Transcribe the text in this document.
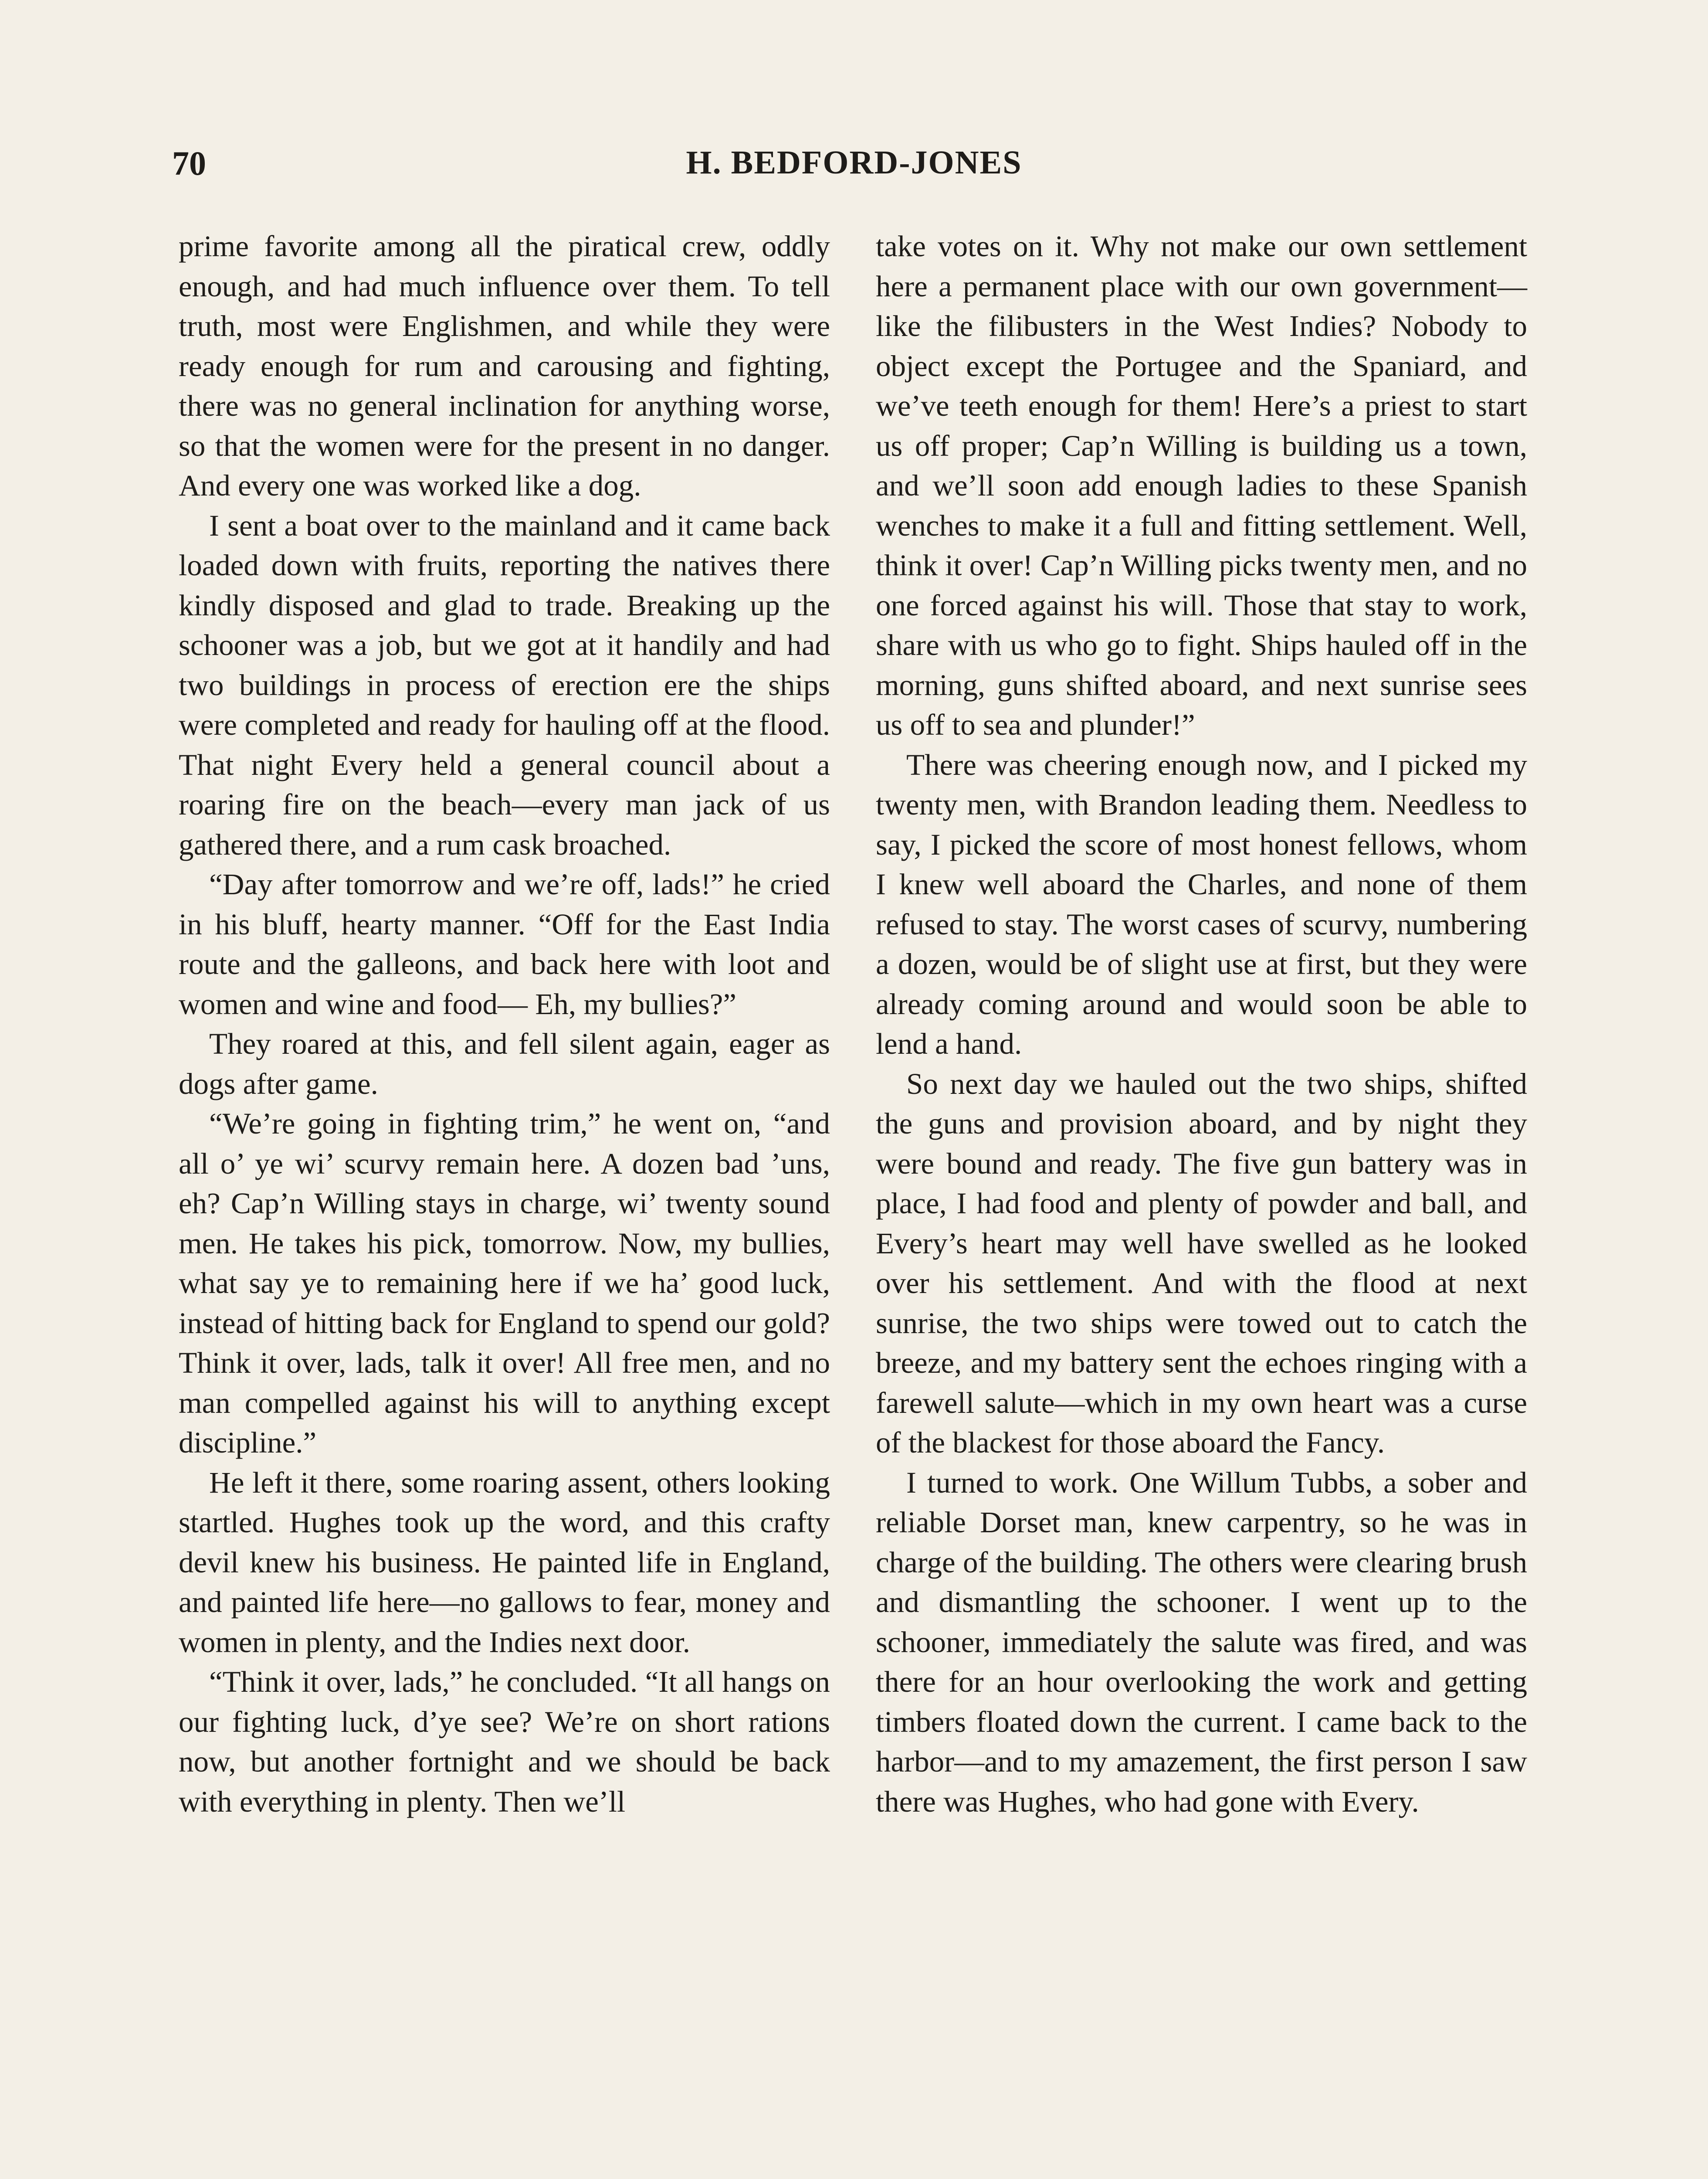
70	H. BEDFORD-JONES

prime favorite among all the piratical crew, oddly enough, and had much influence over them. To tell truth, most were Englishmen, and while they were ready enough for rum and carousing and fighting, there was no general inclination for anything worse, so that the women were for the present in no danger. And every one was worked like a dog.

I sent a boat over to the mainland and it came back loaded down with fruits, reporting the natives there kindly disposed and glad to trade. Breaking up the schooner was a job, but we got at it handily and had two buildings in process of erection ere the ships were completed and ready for hauling off at the flood. That night Every held a general council about a roaring fire on the beach—every man jack of us gathered there, and a rum cask broached.

“Day after tomorrow and we’re off, lads!” he cried in his bluff, hearty manner. “Off for the East India route and the galleons, and back here with loot and women and wine and food— Eh, my bullies?”

They roared at this, and fell silent again, eager as dogs after game.

“We’re going in fighting trim,” he went on, “and all o’ ye wi’ scurvy remain here. A dozen bad ’uns, eh? Cap’n Willing stays in charge, wi’ twenty sound men. He takes his pick, tomorrow. Now, my bullies, what say ye to remaining here if we ha’ good luck, instead of hitting back for England to spend our gold? Think it over, lads, talk it over! All free men, and no man compelled against his will to anything except discipline.”

He left it there, some roaring assent, others looking startled. Hughes took up the word, and this crafty devil knew his business. He painted life in England, and painted life here—no gallows to fear, money and women in plenty, and the Indies next door.

“Think it over, lads,” he concluded. “It all hangs on our fighting luck, d’ye see? We’re on short rations now, but another fortnight and we should be back with everything in plenty. Then we’ll

take votes on it. Why not make our own settlement here a permanent place with our own government—like the filibusters in the West Indies? Nobody to object except the Portugee and the Spaniard, and we’ve teeth enough for them! Here’s a priest to start us off proper; Cap’n Willing is building us a town, and we’ll soon add enough ladies to these Spanish wenches to make it a full and fitting settlement. Well, think it over! Cap’n Willing picks twenty men, and no one forced against his will. Those that stay to work, share with us who go to fight. Ships hauled off in the morning, guns shifted aboard, and next sunrise sees us off to sea and plunder!”

There was cheering enough now, and I picked my twenty men, with Brandon leading them. Needless to say, I picked the score of most honest fellows, whom I knew well aboard the Charles, and none of them refused to stay. The worst cases of scurvy, numbering a dozen, would be of slight use at first, but they were already coming around and would soon be able to lend a hand.

So next day we hauled out the two ships, shifted the guns and provision aboard, and by night they were bound and ready. The five gun battery was in place, I had food and plenty of powder and ball, and Every’s heart may well have swelled as he looked over his settlement. And with the flood at next sunrise, the two ships were towed out to catch the breeze, and my battery sent the echoes ringing with a farewell salute—which in my own heart was a curse of the blackest for those aboard the Fancy.

I turned to work. One Willum Tubbs, a sober and reliable Dorset man, knew carpentry, so he was in charge of the building. The others were clearing brush and dismantling the schooner. I went up to the schooner, immediately the salute was fired, and was there for an hour overlooking the work and getting timbers floated down the current. I came back to the harbor—and to my amazement, the first person I saw there was Hughes, who had gone with Every.
